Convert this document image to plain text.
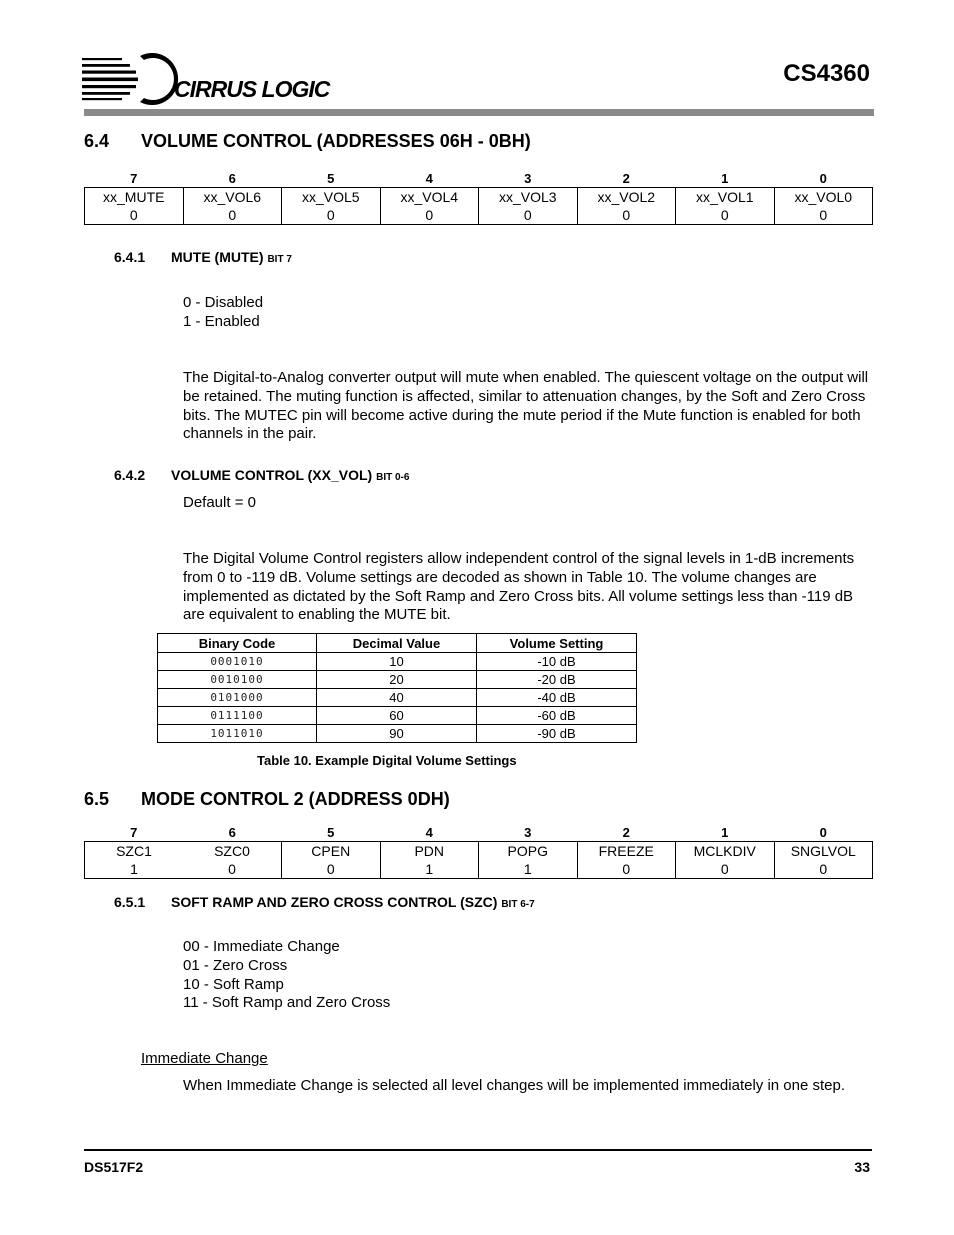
CIRRUS LOGIC
CS4360
6.4 VOLUME CONTROL (ADDRESSES 06H - 0BH)
7	6	5	4	3	2	1	0
xx_MUTE	xx_VOL6	xx_VOL5	xx_VOL4	xx_VOL3	xx_VOL2	xx_VOL1	xx_VOL0
0	0	0	0	0	0	0	0
6.4.1 MUTE (MUTE) BIT 7
0 - Disabled
1 - Enabled
The Digital-to-Analog converter output will mute when enabled. The quiescent voltage on the output will be retained. The muting function is affected, similar to attenuation changes, by the Soft and Zero Cross bits. The MUTEC pin will become active during the mute period if the Mute function is enabled for both channels in the pair.
6.4.2 VOLUME CONTROL (XX_VOL) BIT 0-6
Default = 0
The Digital Volume Control registers allow independent control of the signal levels in 1-dB increments from 0 to -119 dB. Volume settings are decoded as shown in Table 10. The volume changes are implemented as dictated by the Soft Ramp and Zero Cross bits. All volume settings less than -119 dB are equivalent to enabling the MUTE bit.
Binary Code	Decimal Value	Volume Setting
0001010	10	-10 dB
0010100	20	-20 dB
0101000	40	-40 dB
0111100	60	-60 dB
1011010	90	-90 dB
Table 10. Example Digital Volume Settings
6.5 MODE CONTROL 2 (ADDRESS 0DH)
7	6	5	4	3	2	1	0
SZC1	SZC0	CPEN	PDN	POPG	FREEZE	MCLKDIV	SNGLVOL
1	0	0	1	1	0	0	0
6.5.1 SOFT RAMP AND ZERO CROSS CONTROL (SZC) BIT 6-7
00 - Immediate Change
01 - Zero Cross
10 - Soft Ramp
11 - Soft Ramp and Zero Cross
Immediate Change
When Immediate Change is selected all level changes will be implemented immediately in one step.
DS517F2	33
